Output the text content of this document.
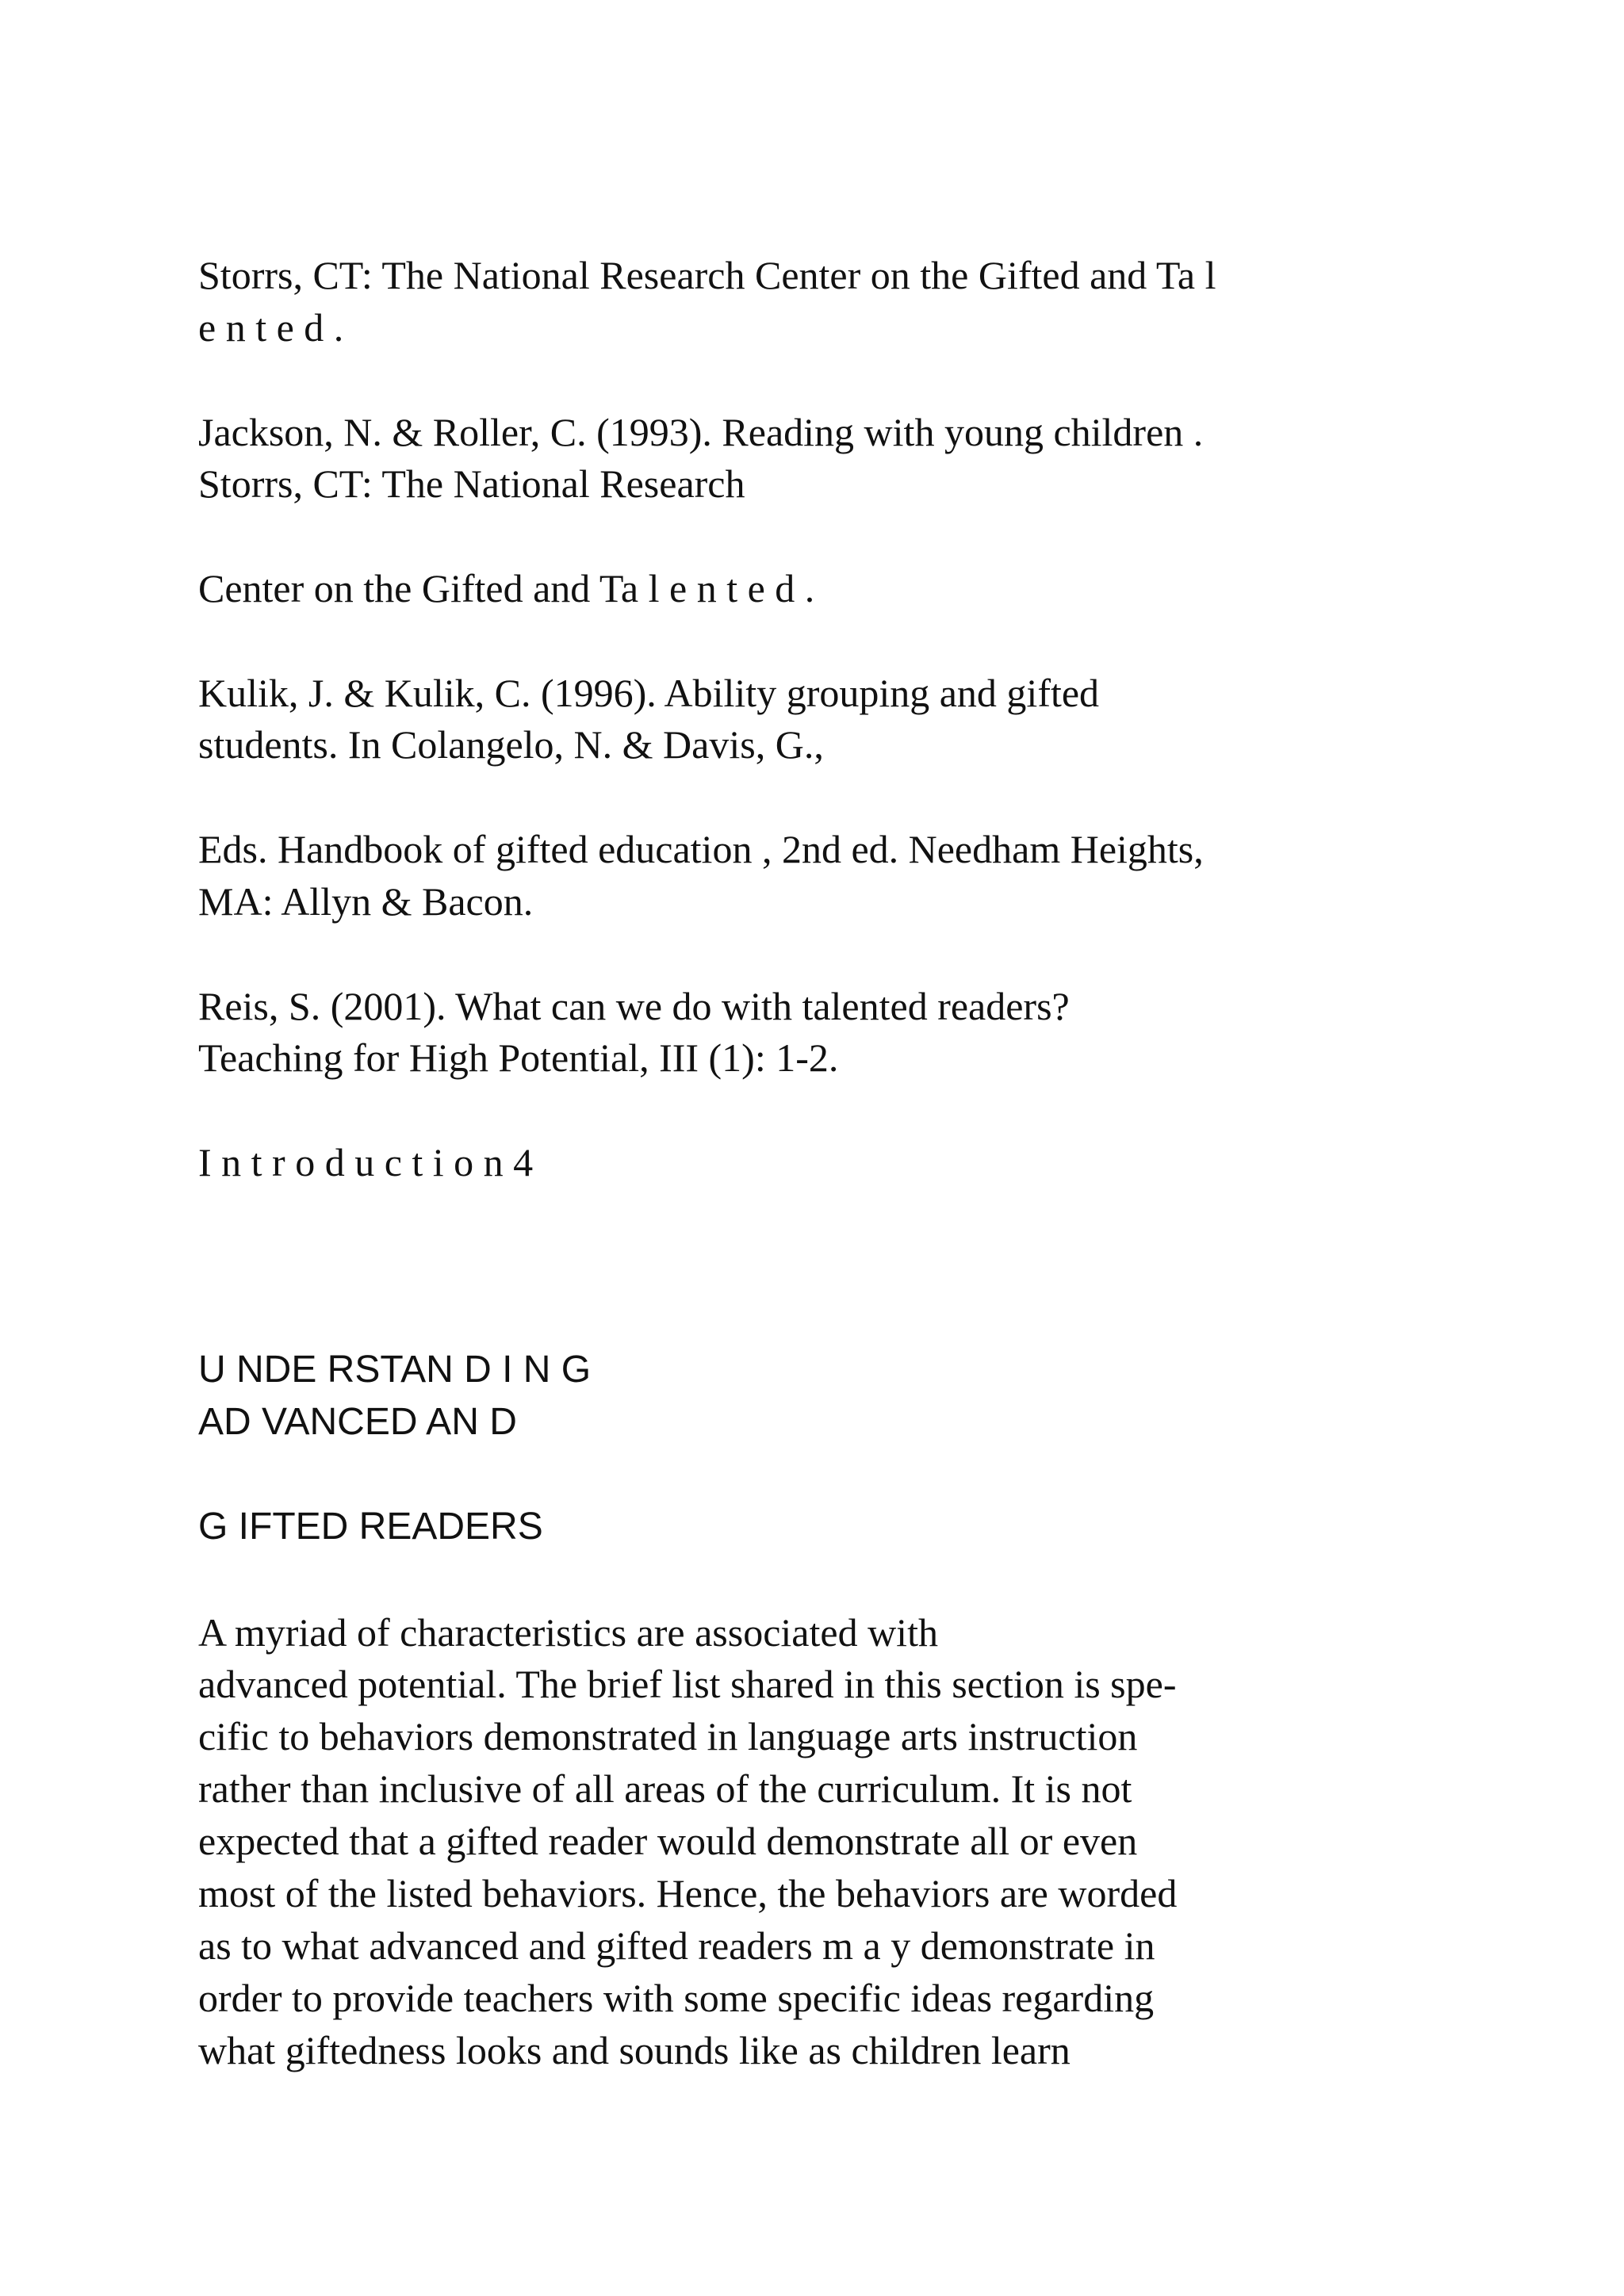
Storrs, CT: The National Research Center on the Gifted and Ta l
e n t e d .
Jackson, N. & Roller, C. (1993). Reading with young children .
Storrs, CT: The National Research
Center on the Gifted and Ta l e n t e d .
Kulik, J. & Kulik, C. (1996). Ability grouping and gifted
students. In Colangelo, N. & Davis, G.,
Eds. Handbook of gifted education , 2nd ed. Needham Heights,
MA: Allyn & Bacon.
Reis, S. (2001). What can we do with talented readers?
Teaching for High Potential, III (1): 1-2.
I n t r o d u c t i o n 4
U NDE RSTAN D I N G
AD VANCED AN D
G IFTED READERS
A myriad of characteristics are associated with
advanced potential. The brief list shared in this section is spe-
cific to behaviors demonstrated in language arts instruction
rather than inclusive of all areas of the curriculum. It is not
expected that a gifted reader would demonstrate all or even
most of the listed behaviors. Hence, the behaviors are worded
as to what advanced and gifted readers m a y demonstrate in
order to provide teachers with some specific ideas regarding
what giftedness looks and sounds like as children learn
